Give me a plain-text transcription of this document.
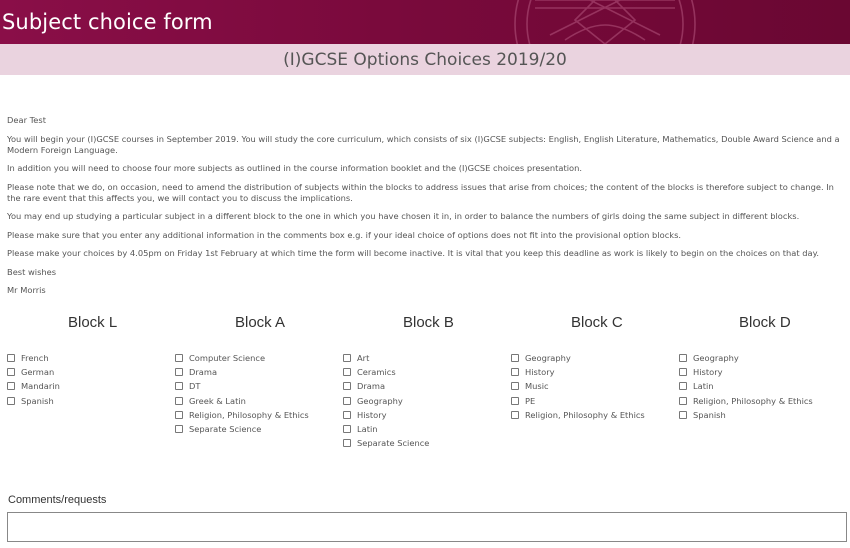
Subject choice form
(I)GCSE Options Choices 2019/20

Dear Test

You will begin your (I)GCSE courses in September 2019. You will study the core curriculum, which consists of six (I)GCSE subjects: English, English Literature, Mathematics, Double Award Science and a Modern Foreign Language.

In addition you will need to choose four more subjects as outlined in the course information booklet and the (I)GCSE choices presentation.

Please note that we do, on occasion, need to amend the distribution of subjects within the blocks to address issues that arise from choices; the content of the blocks is therefore subject to change. In the rare event that this affects you, we will contact you to discuss the implications.

You may end up studying a particular subject in a different block to the one in which you have chosen it in, in order to balance the numbers of girls doing the same subject in different blocks.

Please make sure that you enter any additional information in the comments box e.g. if your ideal choice of options does not fit into the provisional option blocks.

Please make your choices by 4.05pm on Friday 1st February at which time the form will become inactive. It is vital that you keep this deadline as work is likely to begin on the choices on that day.

Best wishes

Mr Morris

Block L
French
German
Mandarin
Spanish
Block A
Computer Science
Drama
DT
Greek & Latin
Religion, Philosophy & Ethics
Separate Science
Block B
Art
Ceramics
Drama
Geography
History
Latin
Separate Science
Block C
Geography
History
Music
PE
Religion, Philosophy & Ethics
Block D
Geography
History
Latin
Religion, Philosophy & Ethics
Spanish
Comments/requests
